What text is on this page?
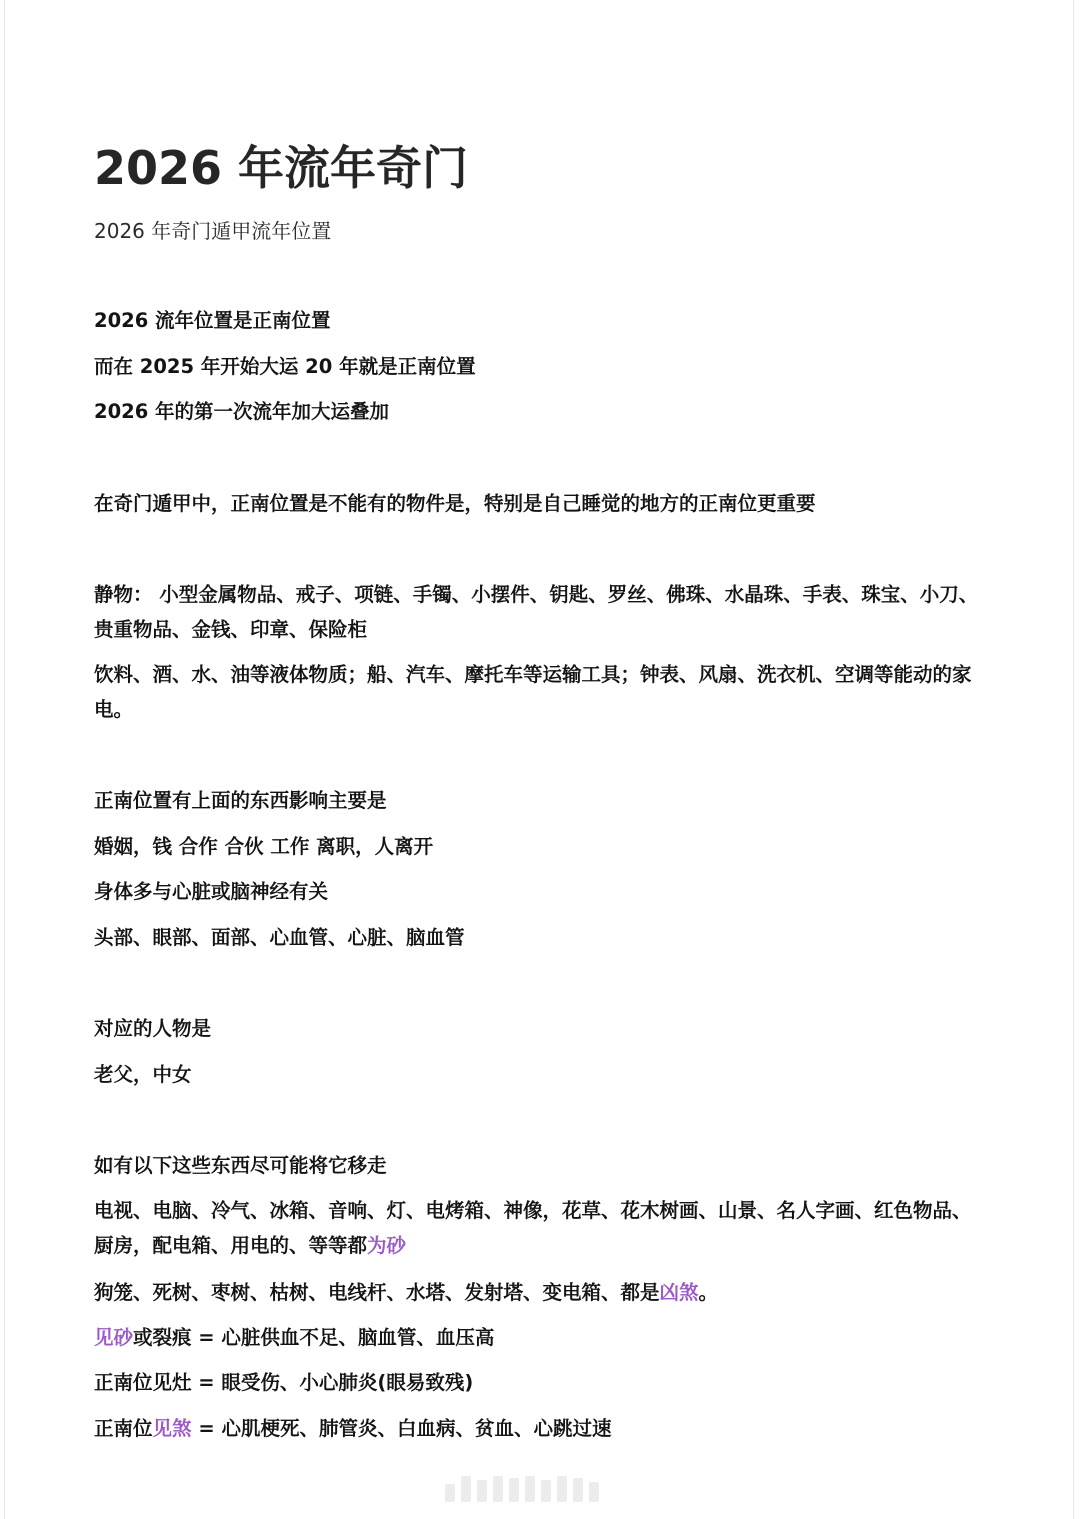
2026 年流年奇门
2026 年奇门遁甲流年位置
2026 流年位置是正南位置
而在 2025 年开始大运 20 年就是正南位置
2026 年的第一次流年加大运叠加
在奇门遁甲中，正南位置是不能有的物件是，特别是自己睡觉的地方的正南位更重要
静物： 小型金属物品、戒子、项链、手镯、小摆件、钥匙、罗丝、佛珠、水晶珠、手表、珠宝、小刀、贵重物品、金钱、印章、保险柜
饮料、酒、水、油等液体物质；船、汽车、摩托车等运输工具；钟表、风扇、洗衣机、空调等能动的家电。
正南位置有上面的东西影响主要是
婚姻，钱 合作 合伙 工作 离职，人离开
身体多与心脏或脑神经有关
头部、眼部、面部、心血管、心脏、脑血管
对应的人物是
老父，中女
如有以下这些东西尽可能将它移走
电视、电脑、冷气、冰箱、音响、灯、电烤箱、神像，花草、花木树画、山景、名人字画、红色物品、厨房，配电箱、用电的、等等都为砂
狗笼、死树、枣树、枯树、电线杆、水塔、发射塔、变电箱、都是凶煞。
见砂或裂痕 = 心脏供血不足、脑血管、血压高
正南位见灶 = 眼受伤、小心肺炎(眼易致残)
正南位见煞 = 心肌梗死、肺管炎、白血病、贫血、心跳过速
